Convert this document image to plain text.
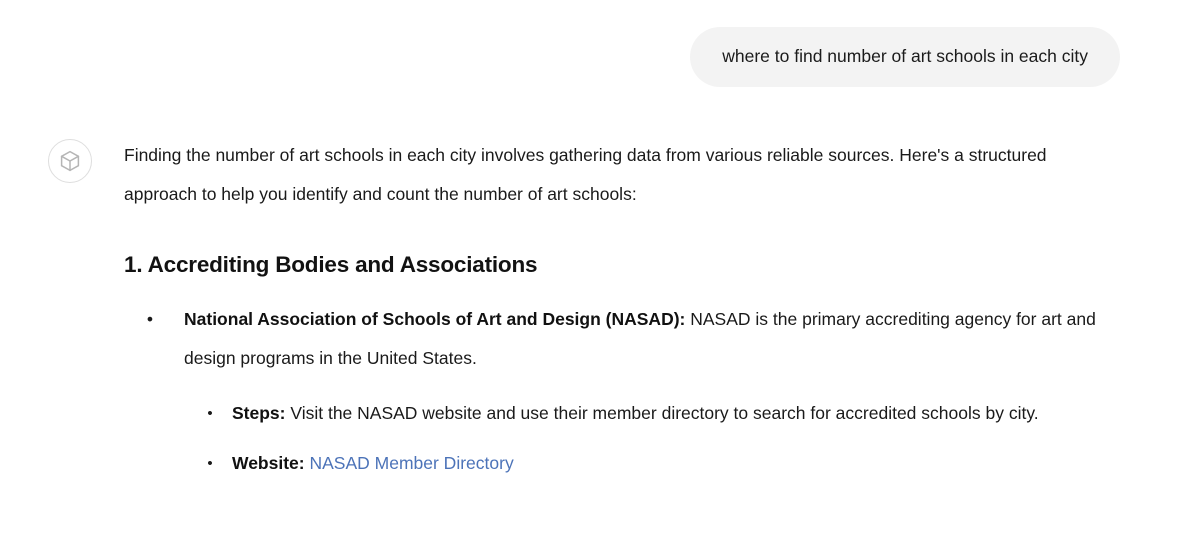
where to find number of art schools in each city

Finding the number of art schools in each city involves gathering data from various reliable sources. Here's a structured approach to help you identify and count the number of art schools:

1. Accrediting Bodies and Associations
•	National Association of Schools of Art and Design (NASAD): NASAD is the primary accrediting agency for art and design programs in the United States.
• Steps: Visit the NASAD website and use their member directory to search for accredited schools by city.
• Website: NASAD Member Directory
